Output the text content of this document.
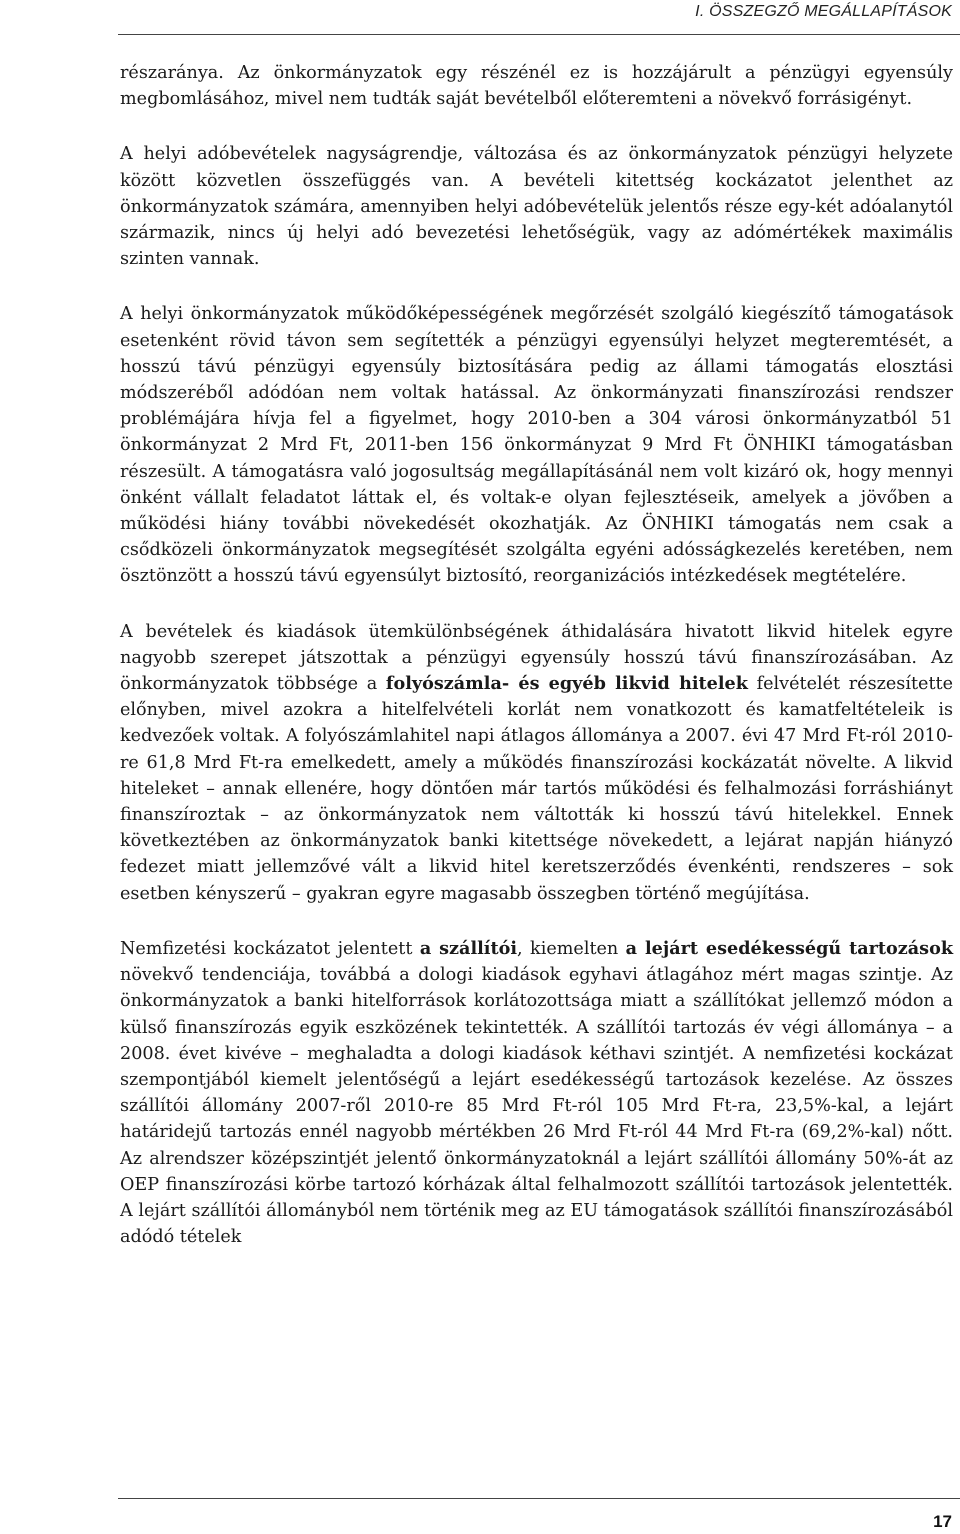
I. ÖSSZEGZŐ MEGÁLLAPÍTÁSOK

részaránya. Az önkormányzatok egy részénél ez is hozzájárult a pénzügyi egyensúly megbomlásához, mivel nem tudták saját bevételből előteremteni a növekvő forrásigényt.

A helyi adóbevételek nagyságrendje, változása és az önkormányzatok pénzügyi helyzete között közvetlen összefüggés van. A bevételi kitettség kockázatot jelenthet az önkormányzatok számára, amennyiben helyi adóbevételük jelentős része egy-két adóalanytól származik, nincs új helyi adó bevezetési lehetőségük, vagy az adómértékek maximális szinten vannak.

A helyi önkormányzatok működőképességének megőrzését szolgáló kiegészítő támogatások esetenként rövid távon sem segítették a pénzügyi egyensúlyi helyzet megteremtését, a hosszú távú pénzügyi egyensúly biztosítására pedig az állami támogatás elosztási módszeréből adódóan nem voltak hatással. Az önkormányzati finanszírozási rendszer problémájára hívja fel a figyelmet, hogy 2010-ben a 304 városi önkormányzatból 51 önkormányzat 2 Mrd Ft, 2011-ben 156 önkormányzat 9 Mrd Ft ÖNHIKI támogatásban részesült. A támogatásra való jogosultság megállapításánál nem volt kizáró ok, hogy mennyi önként vállalt feladatot láttak el, és voltak-e olyan fejlesztéseik, amelyek a jövőben a működési hiány további növekedését okozhatják. Az ÖNHIKI támogatás nem csak a csődközeli önkormányzatok megsegítését szolgálta egyéni adósságkezelés keretében, nem ösztönzött a hosszú távú egyensúlyt biztosító, reorganizációs intézkedések megtételére.

A bevételek és kiadások ütemkülönbségének áthidalására hivatott likvid hitelek egyre nagyobb szerepet játszottak a pénzügyi egyensúly hosszú távú finanszírozásában. Az önkormányzatok többsége a folyószámla- és egyéb likvid hitelek felvételét részesítette előnyben, mivel azokra a hitelfelvételi korlát nem vonatkozott és kamatfeltételeik is kedvezőek voltak. A folyószámlahitel napi átlagos állománya a 2007. évi 47 Mrd Ft-ról 2010-re 61,8 Mrd Ft-ra emelkedett, amely a működés finanszírozási kockázatát növelte. A likvid hiteleket – annak ellenére, hogy döntően már tartós működési és felhalmozási forráshiányt finanszíroztak – az önkormányzatok nem váltották ki hosszú távú hitelekkel. Ennek következtében az önkormányzatok banki kitettsége növekedett, a lejárat napján hiányzó fedezet miatt jellemzővé vált a likvid hitel keretszerződés évenkénti, rendszeres – sok esetben kényszerű – gyakran egyre magasabb összegben történő megújítása.

Nemfizetési kockázatot jelentett a szállítói, kiemelten a lejárt esedékességű tartozások növekvő tendenciája, továbbá a dologi kiadások egyhavi átlagához mért magas szintje. Az önkormányzatok a banki hitelforrások korlátozottsága miatt a szállítókat jellemző módon a külső finanszírozás egyik eszközének tekintették. A szállítói tartozás év végi állománya – a 2008. évet kivéve – meghaladta a dologi kiadások kéthavi szintjét. A nemfizetési kockázat szempontjából kiemelt jelentőségű a lejárt esedékességű tartozások kezelése. Az összes szállítói állomány 2007-ről 2010-re 85 Mrd Ft-ról 105 Mrd Ft-ra, 23,5%-kal, a lejárt határidejű tartozás ennél nagyobb mértékben 26 Mrd Ft-ról 44 Mrd Ft-ra (69,2%-kal) nőtt. Az alrendszer középszintjét jelentő önkormányzatoknál a lejárt szállítói állomány 50%-át az OEP finanszírozási körbe tartozó kórházak által felhalmozott szállítói tartozások jelentették. A lejárt szállítói állományból nem történik meg az EU támogatások szállítói finanszírozásából adódó tételek

17
